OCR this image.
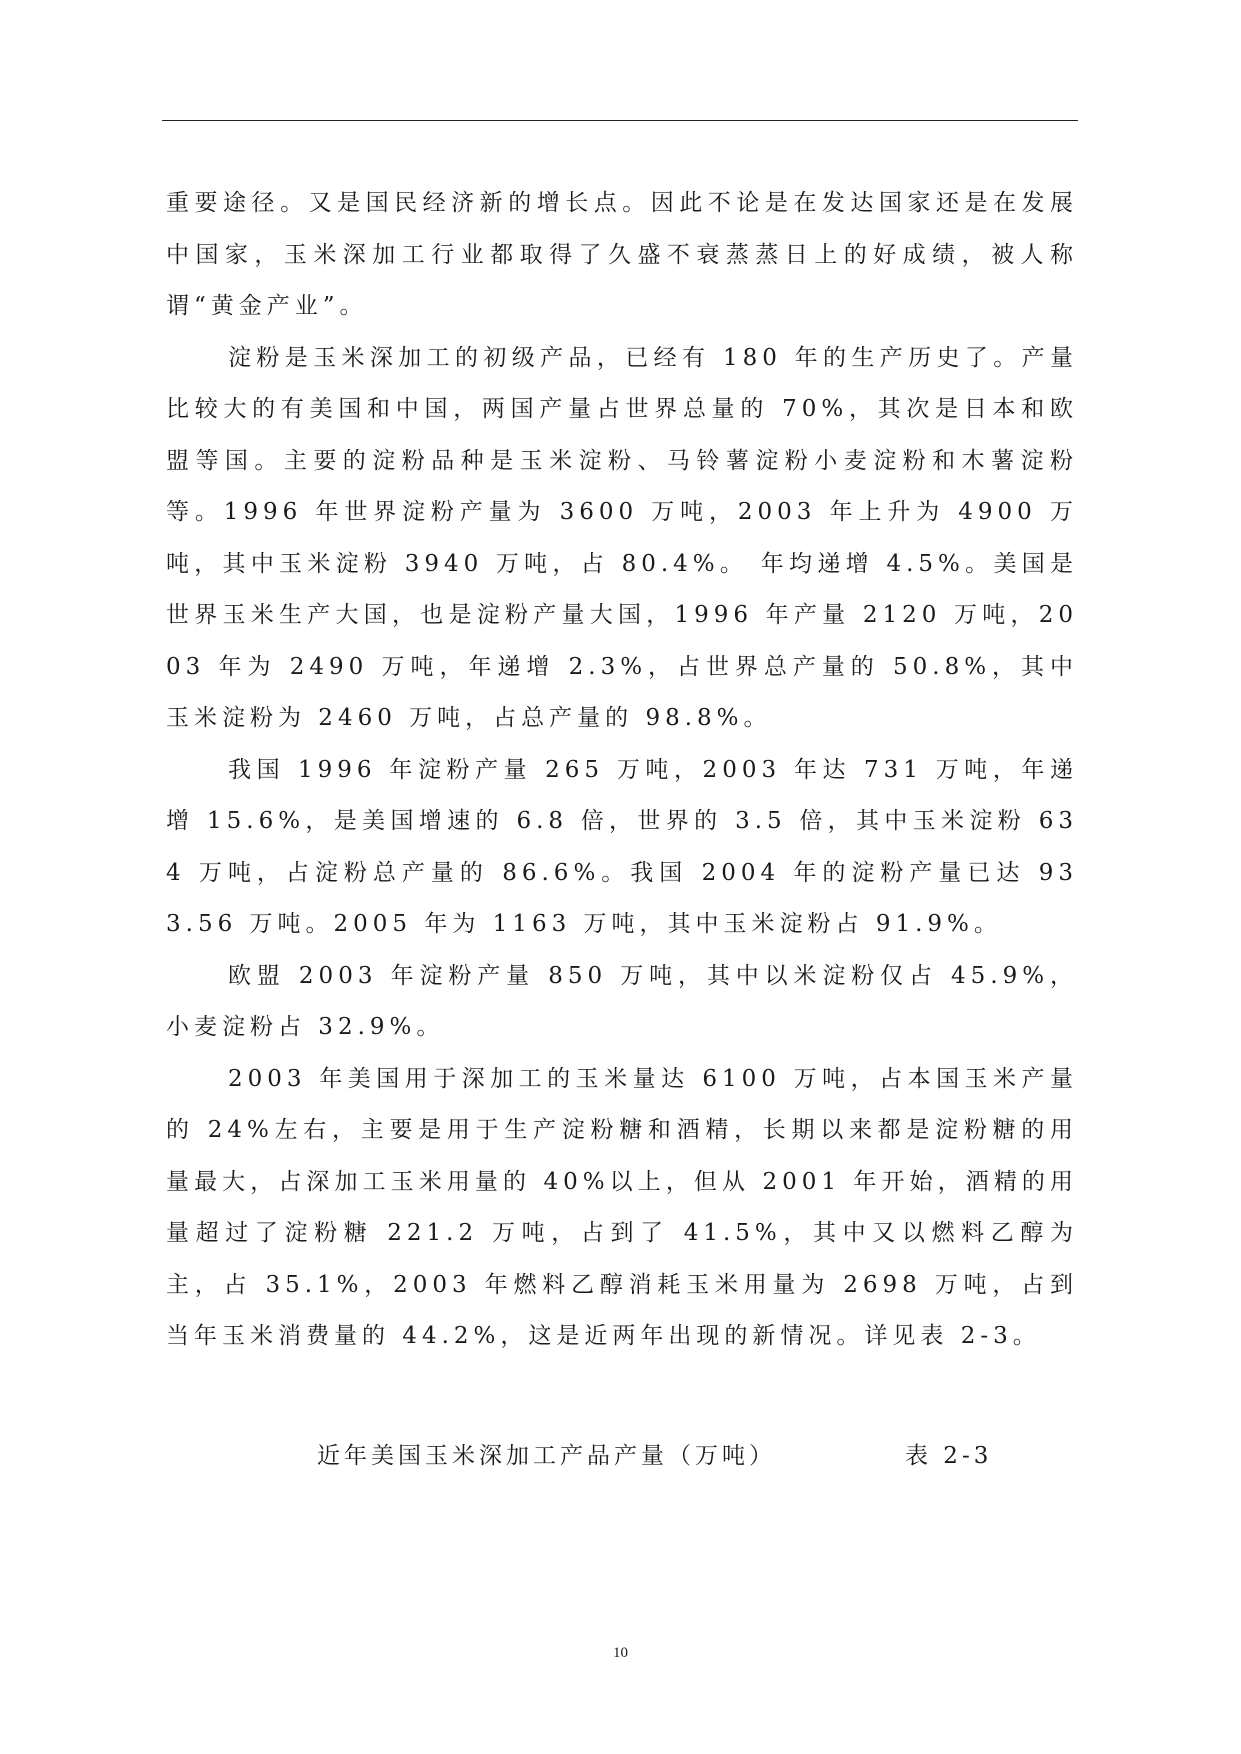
重要途径。又是国民经济新的增长点。因此不论是在发达国家还是在发展中国家，玉米深加工行业都取得了久盛不衰蒸蒸日上的好成绩，被人称谓“黄金产业”。

淀粉是玉米深加工的初级产品，已经有 180 年的生产历史了。产量比较大的有美国和中国，两国产量占世界总量的 70%，其次是日本和欧盟等国。主要的淀粉品种是玉米淀粉、马铃薯淀粉小麦淀粉和木薯淀粉等。1996 年世界淀粉产量为 3600 万吨，2003 年上升为 4900 万吨，其中玉米淀粉 3940 万吨，占 80.4%。 年均递增 4.5%。美国是世界玉米生产大国，也是淀粉产量大国，1996 年产量 2120 万吨，2003 年为 2490 万吨，年递增 2.3%，占世界总产量的 50.8%，其中玉米淀粉为 2460 万吨，占总产量的 98.8%。

我国 1996 年淀粉产量 265 万吨，2003 年达 731 万吨，年递增 15.6%，是美国增速的 6.8 倍，世界的 3.5 倍，其中玉米淀粉 634 万吨，占淀粉总产量的 86.6%。我国 2004 年的淀粉产量已达 933.56 万吨。2005 年为 1163 万吨，其中玉米淀粉占 91.9%。

欧盟 2003 年淀粉产量 850 万吨，其中以米淀粉仅占 45.9%，小麦淀粉占 32.9%。

2003 年美国用于深加工的玉米量达 6100 万吨，占本国玉米产量的 24%左右，主要是用于生产淀粉糖和酒精，长期以来都是淀粉糖的用量最大，占深加工玉米用量的 40%以上，但从 2001 年开始，酒精的用量超过了淀粉糖 221.2 万吨，占到了 41.5%，其中又以燃料乙醇为主，占 35.1%，2003 年燃料乙醇消耗玉米用量为 2698 万吨，占到当年玉米消费量的 44.2%，这是近两年出现的新情况。详见表 2-3。

近年美国玉米深加工产品产量（万吨）	表 2-3
10
